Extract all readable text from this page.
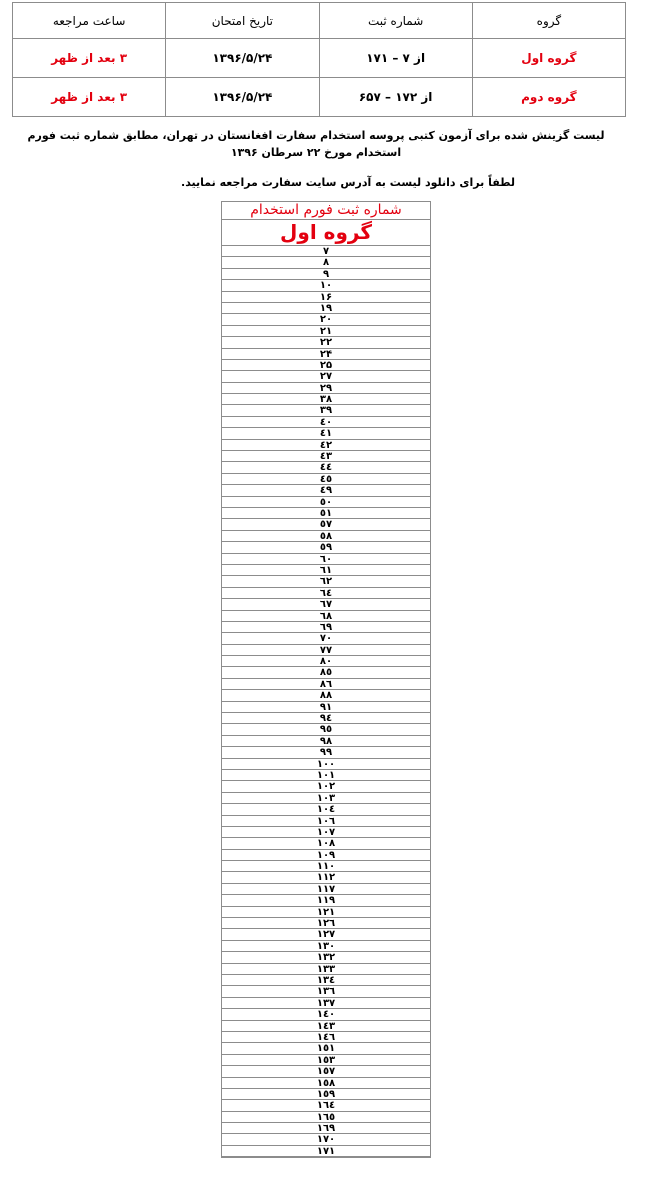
گروه	شماره ثبت	تاریخ امتحان	ساعت مراجعه
گروه اول	از ۷ – ۱۷۱	۱۳۹۶/۵/۲۴	۳ بعد از ظهر
گروه دوم	از ۱۷۲ – ۶۵۷	۱۳۹۶/۵/۲۴	۳ بعد از ظهر
لیست گزینش شده برای آزمون کتبی پروسه استخدام سفارت افغانستان در تهران، مطابق شماره ثبت فورم استخدام مورخ ۲۲ سرطان ۱۳۹۶
لطفاً برای دانلود لیست به آدرس سایت سفارت مراجعه نمایید.
شماره ثبت فورم استخدام
گروه اول
۷
۸
۹
۱۰
۱۶
۱۹
۲۰
۲۱
۲۲
۲۴
۲۵
۲۷
۲۹
۳۸
۳۹
٤۰
٤۱
٤۲
٤۳
٤٤
٤٥
٤۹
٥۰
٥۱
٥۷
٥۸
٥۹
٦۰
٦۱
٦۲
٦٤
٦۷
٦۸
٦۹
۷۰
۷۷
۸۰
۸٥
۸٦
۸۸
۹۱
۹٤
۹٥
۹۸
۹۹
۱۰۰
۱۰۱
۱۰۲
۱۰۳
۱۰٤
۱۰٦
۱۰۷
۱۰۸
۱۰۹
۱۱۰
۱۱۲
۱۱۷
۱۱۹
۱۲۱
۱۲٦
۱۲۷
۱۳۰
۱۳۲
۱۳۳
۱۳٤
۱۳٦
۱۳۷
۱٤۰
۱٤۳
۱٤٦
۱٥۱
۱٥۳
۱٥۷
۱٥۸
۱٥۹
۱٦٤
۱٦٥
۱٦۹
۱۷۰
۱۷۱
